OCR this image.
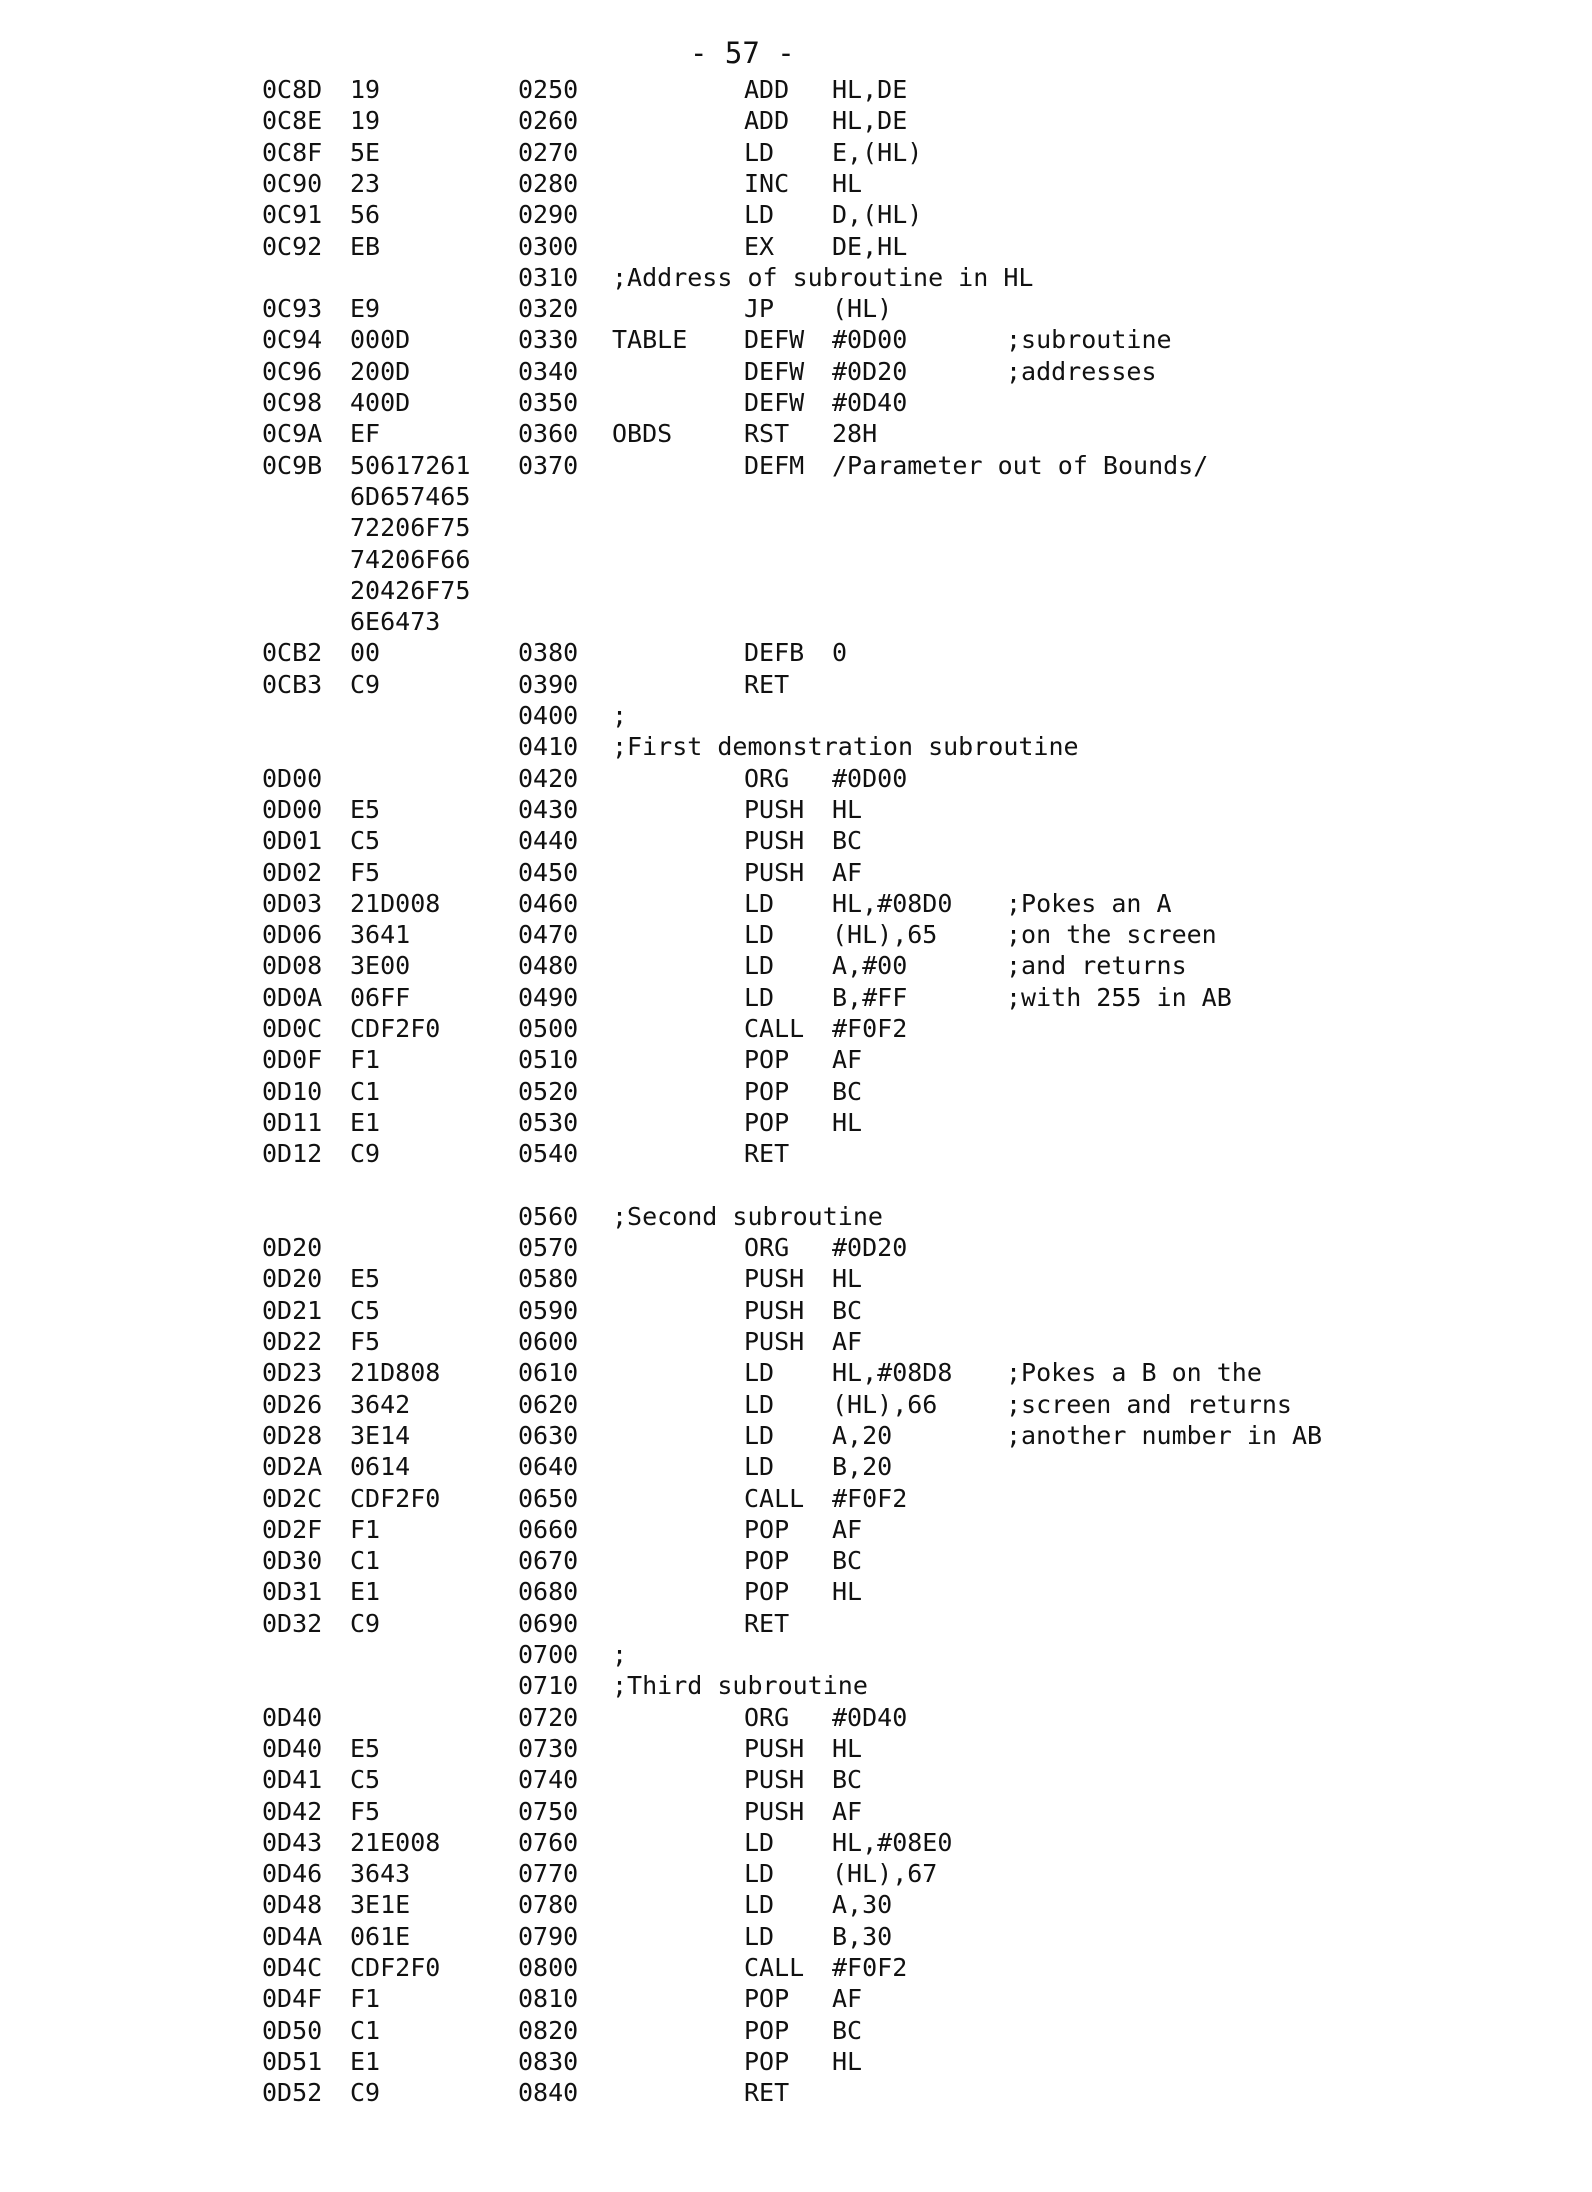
- 57 -
0C8D 19	0250	ADD HL,DE
0C8E 19	0260	ADD HL,DE
0C8F 5E	0270	LD E,(HL)
0C90 23	0280	INC HL
0C91 56	0290	LD D,(HL)
0C92 EB	0300	EX DE,HL
0310 ;Address of subroutine in HL
0C93 E9	0320	JP (HL)
0C94 000D	0330 TABLE DEFW #0D00	;subroutine
0C96 200D	0340	DEFW #0D20	;addresses
0C98 400D	0350	DEFW #0D40
0C9A EF	0360 OBDS	RST 28H
0C9B 50617261 0370	DEFM /Parameter out of Bounds/
6D657465
72206F75
74206F66
20426F75
6E6473
0CB2 00	0380	DEFB 0
0CB3 C9	0390	RET
0400 ;
0410 ;First demonstration subroutine
0D00	0420	ORG #0D00
0D00 E5	0430	PUSH HL
0D01 C5	0440	PUSH BC
0D02 F5	0450	PUSH AF
0D03 21D008	0460	LD HL,#08D0 ;Pokes an A
0D06 3641	0470	LD (HL),65	;on the screen
0D08 3E00	0480	LD A,#00	;and returns
0D0A 06FF	0490	LD B,#FF	;with 255 in AB
0D0C CDF2F0	0500	CALL #F0F2
0D0F F1	0510	POP AF
0D10 C1	0520	POP BC
0D11 E1	0530	POP HL
0D12 C9	0540	RET
0560 ;Second subroutine
0D20	0570	ORG #0D20
0D20 E5	0580	PUSH HL
0D21 C5	0590	PUSH BC
0D22 F5	0600	PUSH AF
0D23 21D808	0610	LD HL,#08D8 ;Pokes a B on the
0D26 3642	0620	LD (HL),66	;screen and returns
0D28 3E14	0630	LD A,20	;another number in AB
0D2A 0614	0640	LD B,20
0D2C CDF2F0	0650	CALL #F0F2
0D2F F1	0660	POP AF
0D30 C1	0670	POP BC
0D31 E1	0680	POP HL
0D32 C9	0690	RET
0700 ;
0710 ;Third subroutine
0D40	0720	ORG #0D40
0D40 E5	0730	PUSH HL
0D41 C5	0740	PUSH BC
0D42 F5	0750	PUSH AF
0D43 21E008	0760	LD HL,#08E0
0D46 3643	0770	LD (HL),67
0D48 3E1E	0780	LD A,30
0D4A 061E	0790	LD B,30
0D4C CDF2F0	0800	CALL #F0F2
0D4F F1	0810	POP AF
0D50 C1	0820	POP BC
0D51 E1	0830	POP HL
0D52 C9	0840	RET
